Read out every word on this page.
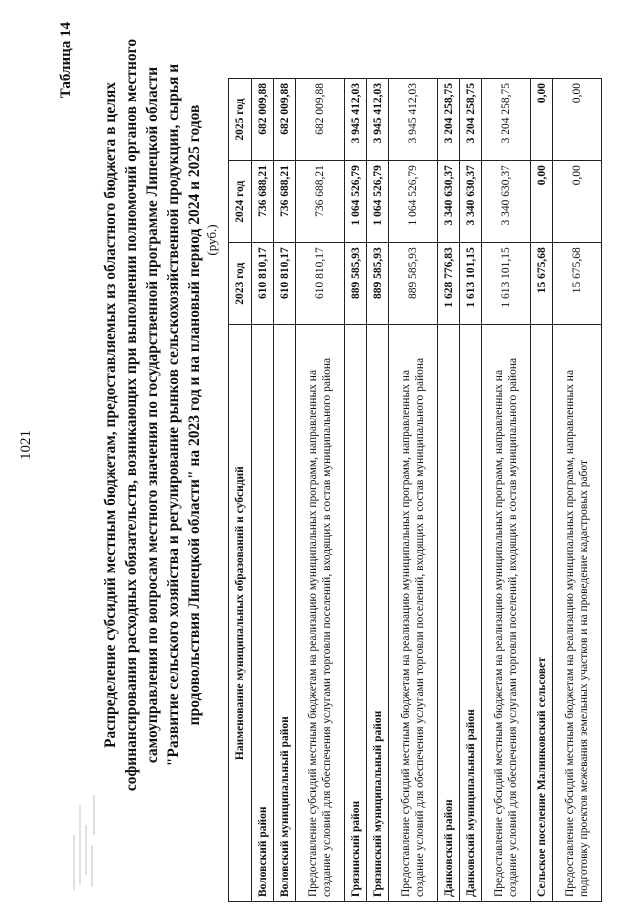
1021
Таблица 14
Распределение субсидий местным бюджетам, предоставляемых из областного бюджета в целях софинансирования расходных обязательств, возникающих при выполнении полномочий органов местного самоуправления по вопросам местного значения по государственной программе Липецкой области "Развитие сельского хозяйства и регулирование рынков сельскохозяйственной продукции, сырья и продовольствия Липецкой области" на 2023 год и на плановый период 2024 и 2025 годов (руб.)
Наименование муниципальных образований и субсидий	2023 год	2024 год	2025 год
Воловский район	610 810,17	736 688,21	682 009,88
Воловский муниципальный район	610 810,17	736 688,21	682 009,88
Предоставление субсидий местным бюджетам на реализацию муниципальных программ, направленных на создание условий для обеспечения услугами торговли поселений, входящих в состав муниципального района	610 810,17	736 688,21	682 009,88
Грязинский район	889 585,93	1 064 526,79	3 945 412,03
Грязинский муниципальный район	889 585,93	1 064 526,79	3 945 412,03
Предоставление субсидий местным бюджетам на реализацию муниципальных программ, направленных на создание условий для обеспечения услугами торговли поселений, входящих в состав муниципального района	889 585,93	1 064 526,79	3 945 412,03
Данковский район	1 628 776,83	3 340 630,37	3 204 258,75
Данковский муниципальный район	1 613 101,15	3 340 630,37	3 204 258,75
Предоставление субсидий местным бюджетам на реализацию муниципальных программ, направленных на создание условий для обеспечения услугами торговли поселений, входящих в состав муниципального района	1 613 101,15	3 340 630,37	3 204 258,75
Сельское поселение Малинковский сельсовет	15 675,68	0,00	0,00
Предоставление субсидий местным бюджетам на реализацию муниципальных программ, направленных на подготовку проектов межевания земельных участков и на проведение кадастровых работ	15 675,68	0,00	0,00
